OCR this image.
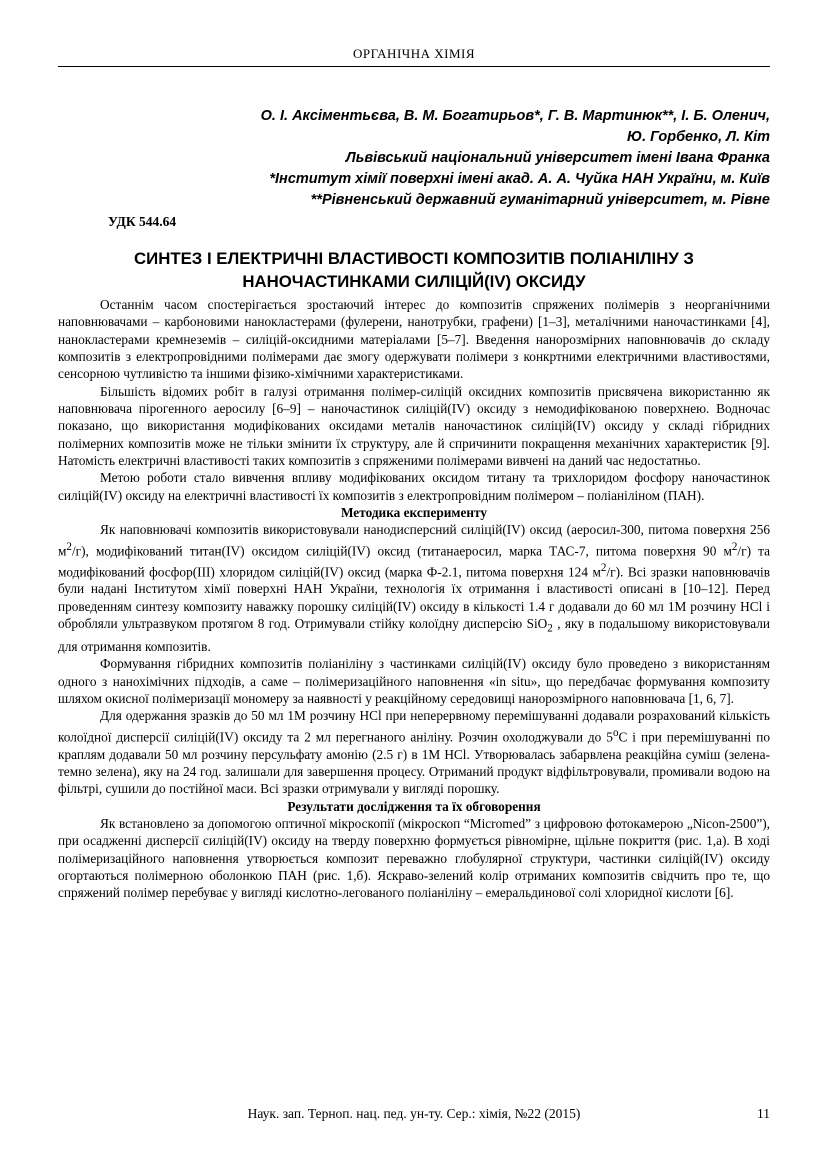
ОРГАНІЧНА ХІМІЯ
О. І. Аксіментьєва, В. М. Богатирьов*, Г. В. Мартинюк**, І. Б. Оленич,
Ю. Горбенко, Л. Кіт
Львівський національний університет імені Івана Франка
*Інститут хімії поверхні імені акад. А. А. Чуйка НАН України, м. Київ
**Рівненський державний гуманітарний університет, м. Рівне
УДК 544.64
СИНТЕЗ І ЕЛЕКТРИЧНІ ВЛАСТИВОСТІ КОМПОЗИТІВ ПОЛІАНІЛІНУ З
НАНОЧАСТИНКАМИ СИЛІЦІЙ(IV) ОКСИДУ

Останнім часом спостерігається зростаючий інтерес до композитів спряжених полімерів з неорганічними наповнювачами – карбоновими нанокластерами (фулерени, нанотрубки, графени) [1–3], металічними наночастинками [4], нанокластерами кремнеземів – силіцій-оксидними матеріалами [5–7]. Введення нанорозмірних наповнювачів до складу композитів з електропровідними полімерами дає змогу одержувати полімери з конкртними електричними властивостями, сенсорною чутливістю та іншими фізико-хімічними характеристиками.

Більшість відомих робіт в галузі отримання полімер-силіцій оксидних композитів присвячена використанню як наповнювача пірогенного аеросилу [6–9] – наночастинок силіцій(IV) оксиду з немодифікованою поверхнею. Водночас показано, що використання модифікованих оксидами металів наночастинок силіцій(IV) оксиду у складі гібридних полімерних композитів може не тільки змінити їх структуру, але й спричинити покращення механічних характеристик [9]. Натомість електричні властивості таких композитів з спряженими полімерами вивчені на даний час недостатньо.

Метою роботи стало вивчення впливу модифікованих оксидом титану та трихлоридом фосфору наночастинок силіцій(IV) оксиду на електричні властивості їх композитів з електропровідним полімером – поліаніліном (ПАН).

Методика експерименту

Як наповнювачі композитів використовували нанодисперсний силіцій(IV) оксид (аеросил-300, питома поверхня 256 $м^2/г$), модифікований титан(IV) оксидом силіцій(IV) оксид (титанаеросил, марка ТАС-7, питома поверхня 90 $м^2/г$) та модифікований фосфор(III) хлоридом силіцій(IV) оксид (марка Ф-2.1, питома поверхня 124 $м^2/г$). Всі зразки наповнювачів були надані Інститутом хімії поверхні НАН України, технологія їх отримання і властивості описані в [10–12]. Перед проведенням синтезу композиту наважку порошку силіцій(IV) оксиду в кількості 1.4 г додавали до 60 мл 1М розчину HCl і обробляли ультразвуком протягом 8 год. Отримували стійку колоїдну дисперсію SiO$_2$ , яку в подальшому використовували для отримання композитів.

Формування гібридних композитів поліаніліну з частинками силіцій(IV) оксиду було проведено з використанням одного з нанохімічних підходів, а саме – полімеризаційного наповнення «in situ», що передбачає формування композиту шляхом окисної полімеризації мономеру за наявності у реакційному середовищі нанорозмірного наповнювача [1, 6, 7].

Для одержання зразків до 50 мл 1М розчину HCl при неперервному перемішуванні додавали розрахований кількість колоїдної дисперсії силіцій(IV) оксиду та 2 мл перегнаного аніліну. Розчин охолоджували до 5$^o$C і при перемішуванні по краплям додавали 50 мл розчину персульфату амонію (2.5 г) в 1М HCl. Утворювалась забарвлена реакційна суміш (зелена-темно зелена), яку на 24 год. залишали для завершення процесу. Отриманий продукт відфільтровували, промивали водою на фільтрі, сушили до постійної маси. Всі зразки отримували у вигляді порошку.

Результати дослідження та їх обговорення

Як встановлено за допомогою оптичної мікроскопії (мікроскоп “Micromed” з цифровою фотокамерою „Nicon-2500”), при осадженні дисперсії силіцій(IV) оксиду на тверду поверхню формується рівномірне, щільне покриття (рис. 1,а). В ході полімеризаційного наповнення утворюється композит переважно глобулярної структури, частинки силіцій(IV) оксиду огортаються полімерною оболонкою ПАН (рис. 1,б). Яскраво-зелений колір отриманих композитів свідчить про те, що спряжений полімер перебуває у вигляді кислотно-легованого поліаніліну – емеральдинової солі хлоридної кислоти [6].

Наук. зап. Терноп. нац. пед. ун-ту. Сер.: хімія, №22 (2015)	11
